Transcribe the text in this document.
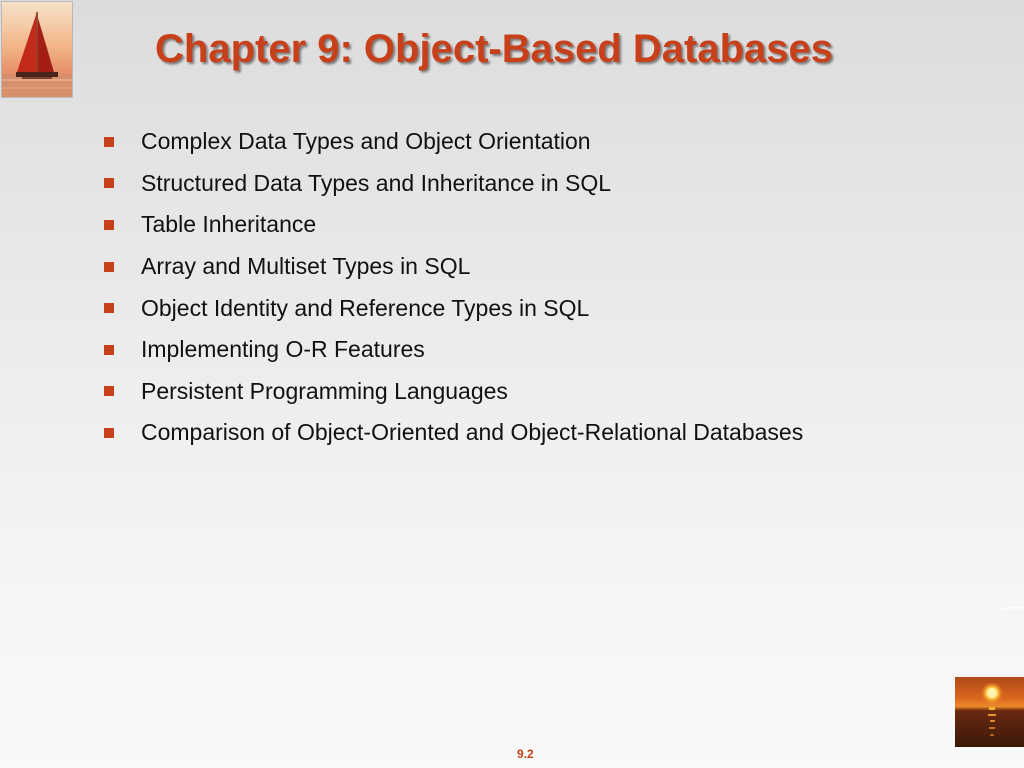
Chapter 9: Object-Based Databases
Complex Data Types and Object Orientation
Structured Data Types and Inheritance in SQL
Table Inheritance
Array and Multiset Types in SQL
Object Identity and Reference Types in SQL
Implementing O-R Features
Persistent Programming Languages
Comparison of Object-Oriented and Object-Relational Databases
9.2
